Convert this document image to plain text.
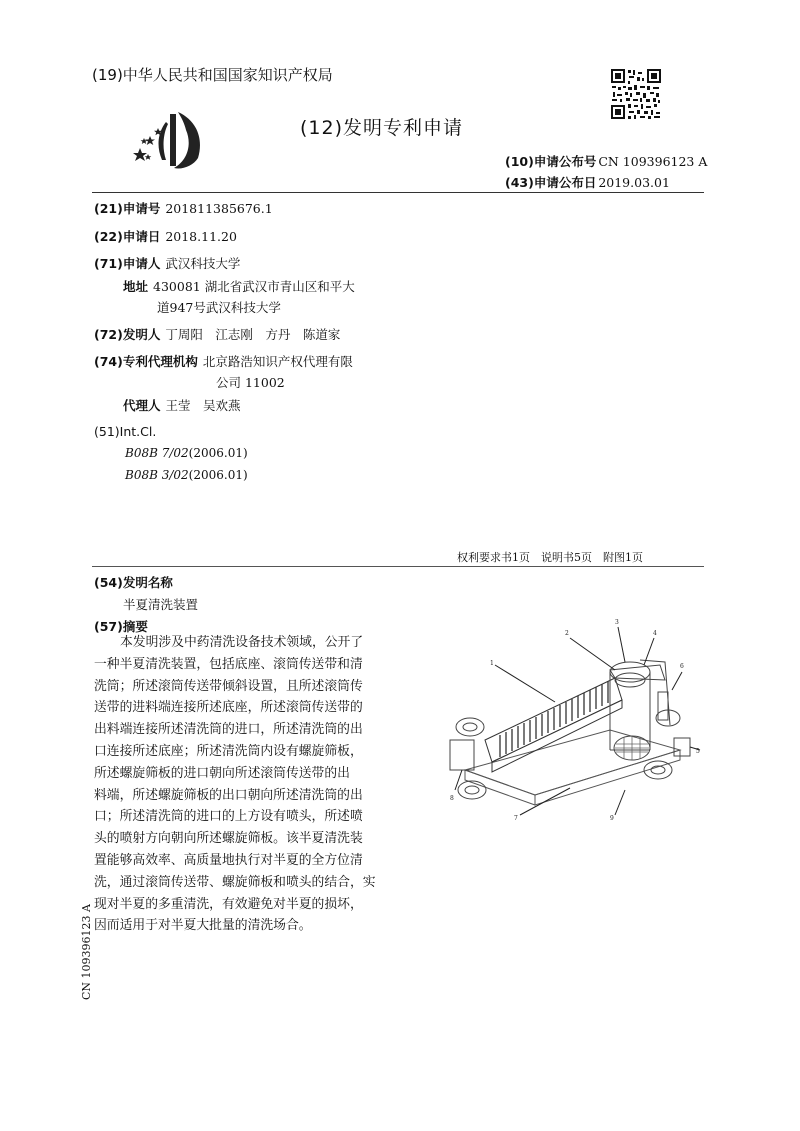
(19)中华人民共和国国家知识产权局
(12)发明专利申请
(10)申请公布号 CN 109396123 A
(43)申请公布日 2019.03.01
(21)申请号 201811385676.1
(22)申请日 2018.11.20
(71)申请人 武汉科技大学
地址 430081 湖北省武汉市青山区和平大
道947号武汉科技大学
(72)发明人 丁周阳　江志刚　方丹　陈道家
(74)专利代理机构 北京路浩知识产权代理有限
公司 11002
代理人 王莹　吴欢燕
(51)Int.Cl.
B08B 7/02(2006.01)
B08B 3/02(2006.01)
权利要求书1页　说明书5页　附图1页
(54)发明名称
半夏清洗装置
(57)摘要
本发明涉及中药清洗设备技术领域，公开了
一种半夏清洗装置，包括底座、滚筒传送带和清
洗筒；所述滚筒传送带倾斜设置，且所述滚筒传
送带的进料端连接所述底座，所述滚筒传送带的
出料端连接所述清洗筒的进口，所述清洗筒的出
口连接所述底座；所述清洗筒内设有螺旋筛板，
所述螺旋筛板的进口朝向所述滚筒传送带的出
料端，所述螺旋筛板的出口朝向所述清洗筒的出
口；所述清洗筒的进口的上方设有喷头，所述喷
头的喷射方向朝向所述螺旋筛板。该半夏清洗装
置能够高效率、高质量地执行对半夏的全方位清
洗，通过滚筒传送带、螺旋筛板和喷头的结合，实
现对半夏的多重清洗，有效避免对半夏的损坏，
因而适用于对半夏大批量的清洗场合。
2
3
4
1	6
5
8
7	9
CN 109396123 A
